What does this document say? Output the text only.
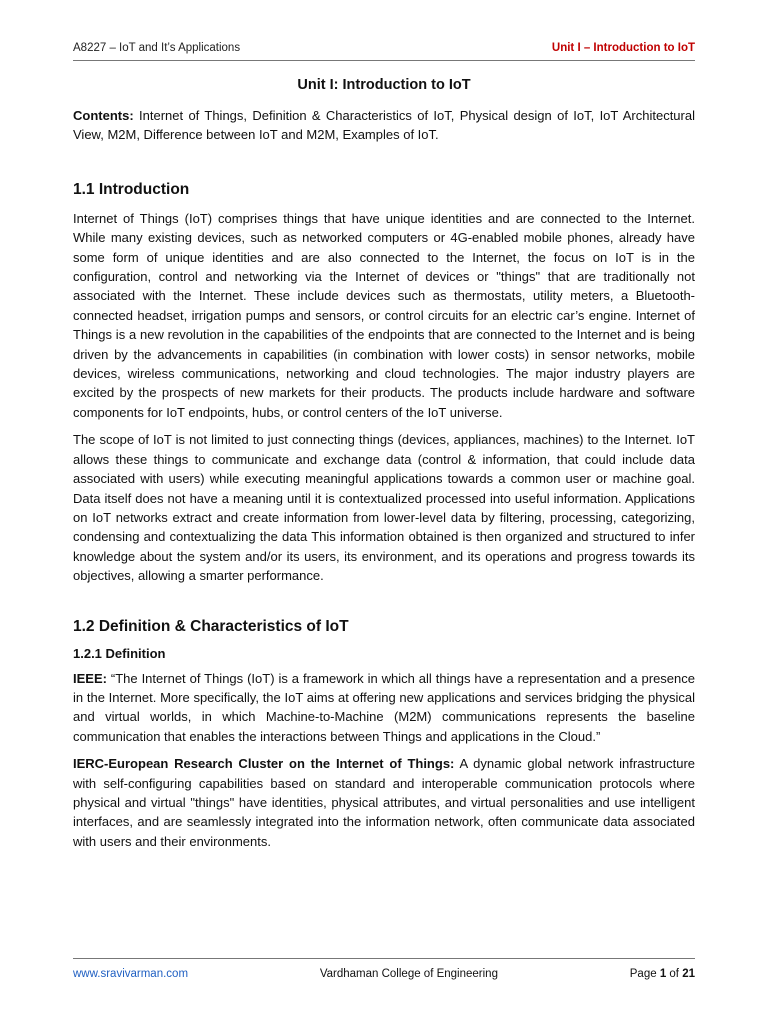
A8227 – IoT and It’s Applications	Unit I – Introduction to IoT
Unit I: Introduction to IoT

Contents: Internet of Things, Definition & Characteristics of IoT, Physical design of IoT, IoT Architectural View, M2M, Difference between IoT and M2M, Examples of IoT.

1.1 Introduction

Internet of Things (IoT) comprises things that have unique identities and are connected to the Internet. While many existing devices, such as networked computers or 4G-enabled mobile phones, already have some form of unique identities and are also connected to the Internet, the focus on IoT is in the configuration, control and networking via the Internet of devices or "things" that are traditionally not associated with the Internet. These include devices such as thermostats, utility meters, a Bluetooth-connected headset, irrigation pumps and sensors, or control circuits for an electric car’s engine. Internet of Things is a new revolution in the capabilities of the endpoints that are connected to the Internet and is being driven by the advancements in capabilities (in combination with lower costs) in sensor networks, mobile devices, wireless communications, networking and cloud technologies. The major industry players are excited by the prospects of new markets for their products. The products include hardware and software components for IoT endpoints, hubs, or control centers of the IoT universe.

The scope of IoT is not limited to just connecting things (devices, appliances, machines) to the Internet. IoT allows these things to communicate and exchange data (control & information, that could include data associated with users) while executing meaningful applications towards a common user or machine goal. Data itself does not have a meaning until it is contextualized processed into useful information. Applications on IoT networks extract and create information from lower-level data by filtering, processing, categorizing, condensing and contextualizing the data This information obtained is then organized and structured to infer knowledge about the system and/or its users, its environment, and its operations and progress towards its objectives, allowing a smarter performance.

1.2 Definition & Characteristics of IoT
1.2.1 Definition

IEEE: “The Internet of Things (IoT) is a framework in which all things have a representation and a presence in the Internet. More specifically, the IoT aims at offering new applications and services bridging the physical and virtual worlds, in which Machine-to-Machine (M2M) communications represents the baseline communication that enables the interactions between Things and applications in the Cloud.”

IERC-European Research Cluster on the Internet of Things: A dynamic global network infrastructure with self-configuring capabilities based on standard and interoperable communication protocols where physical and virtual "things" have identities, physical attributes, and virtual personalities and use intelligent interfaces, and are seamlessly integrated into the information network, often communicate data associated with users and their environments.

www.sravivarman.com	Vardhaman College of Engineering	Page 1 of 21
